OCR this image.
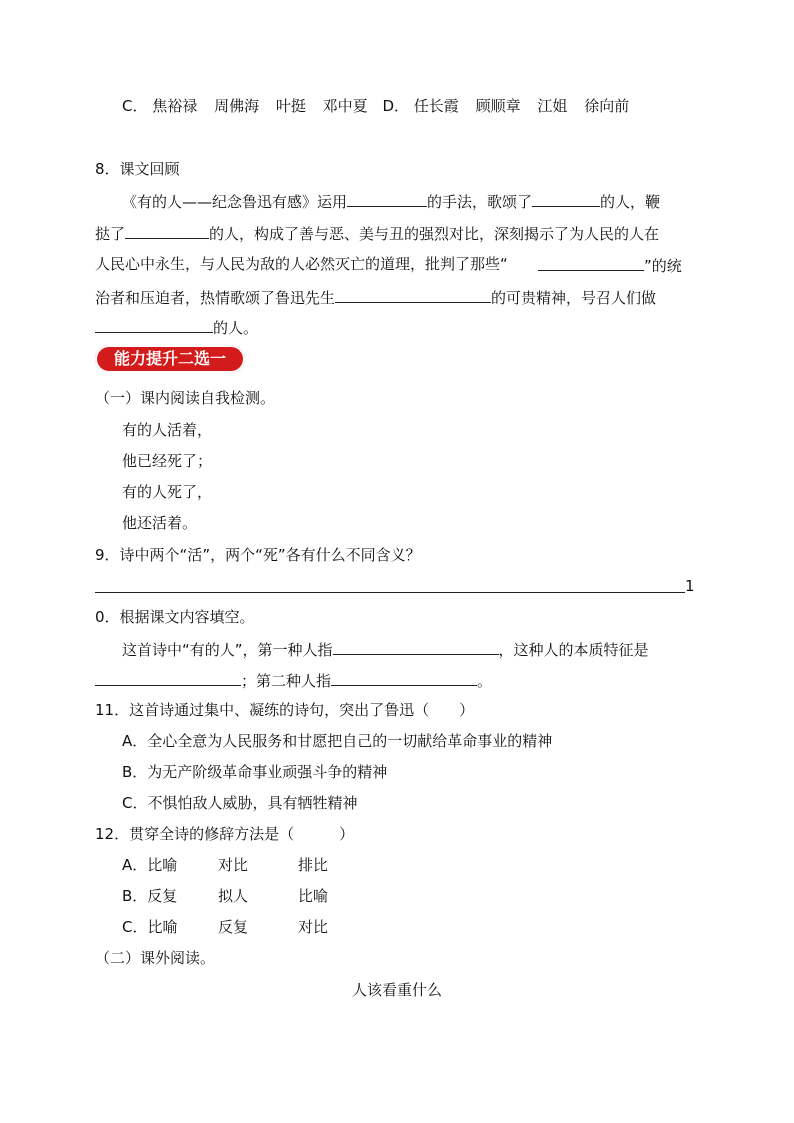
C． 焦裕禄 周佛海 叶挺 邓中夏 D． 任长霞 顾顺章 江姐 徐向前
8．课文回顾
《有的人——纪念鲁迅有感》运用	的手法，歌颂了	的人，鞭
挞了	的人，构成了善与恶、美与丑的强烈对比，深刻揭示了为人民的人在
人民心中永生，与人民为敌的人必然灭亡的道理，批判了那些“	”的统
治者和压迫者，热情歌颂了鲁迅先生	的可贵精神，号召人们做
的人。
能力提升二选一
（一）课内阅读自我检测。
有的人活着，
他已经死了；
有的人死了，
他还活着。
9．诗中两个“活”，两个“死”各有什么不同含义？
1
0．根据课文内容填空。
这首诗中“有的人”，第一种人指	，这种人的本质特征是
；第二种人指	。
11．这首诗通过集中、凝练的诗句，突出了鲁迅（　　）
A．全心全意为人民服务和甘愿把自己的一切献给革命事业的精神
B．为无产阶级革命事业顽强斗争的精神
C．不惧怕敌人威胁，具有牺牲精神
12．贯穿全诗的修辞方法是（　　　）
A．比喻	对比	排比
B．反复	拟人	比喻
C．比喻	反复	对比
（二）课外阅读。
人该看重什么
